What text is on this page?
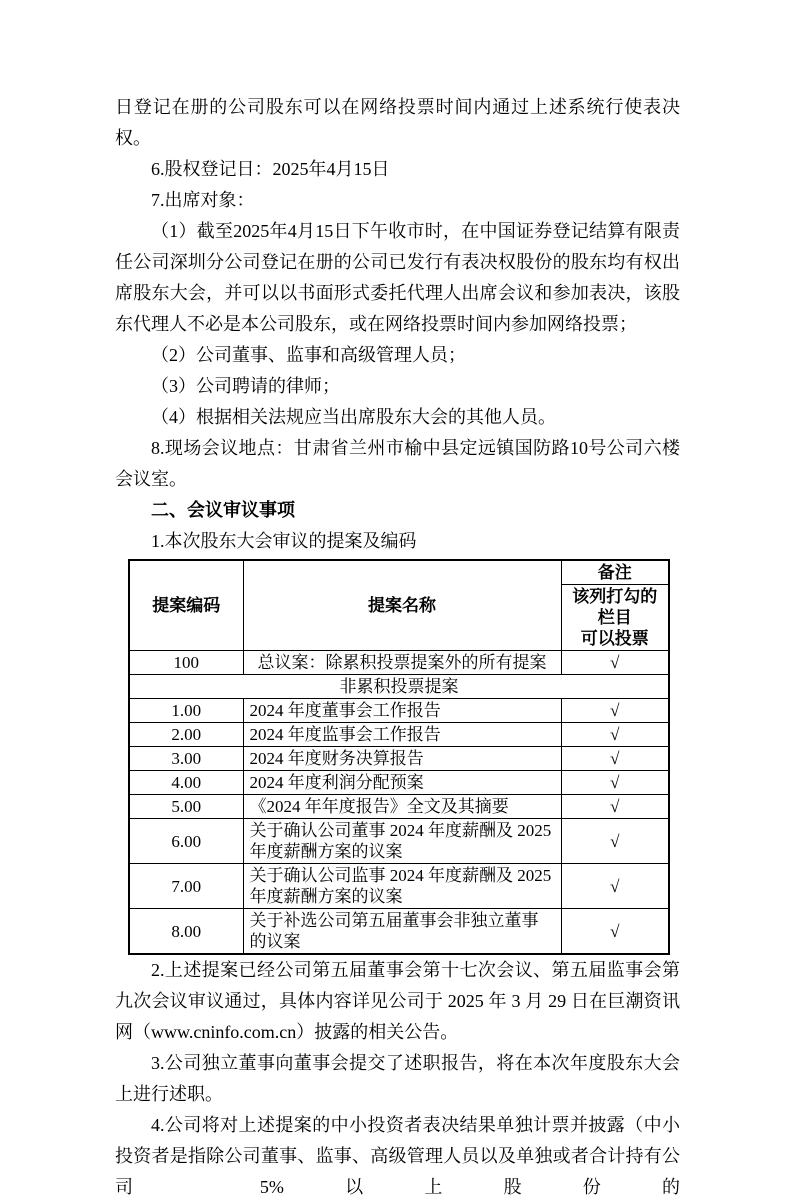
日登记在册的公司股东可以在网络投票时间内通过上述系统行使表决权。

6.股权登记日：2025年4月15日

7.出席对象：

（1）截至2025年4月15日下午收市时，在中国证券登记结算有限责任公司深圳分公司登记在册的公司已发行有表决权股份的股东均有权出席股东大会，并可以以书面形式委托代理人出席会议和参加表决，该股东代理人不必是本公司股东，或在网络投票时间内参加网络投票；

（2）公司董事、监事和高级管理人员；

（3）公司聘请的律师；

（4）根据相关法规应当出席股东大会的其他人员。

8.现场会议地点：甘肃省兰州市榆中县定远镇国防路10号公司六楼会议室。

二、会议审议事项

1.本次股东大会审议的提案及编码

提案编码	提案名称	备注

		该列打勾的栏目
可以投票

100	总议案：除累积投票提案外的所有提案	√
非累积投票提案		
1.00	2024 年度董事会工作报告	√
2.00	2024 年度监事会工作报告	√
3.00	2024 年度财务决算报告	√
4.00	2024 年度利润分配预案	√
5.00	《2024 年年度报告》全文及其摘要	√
6.00	关于确认公司董事 2024 年度薪酬及 2025 年度薪酬方案的议案	√
7.00	关于确认公司监事 2024 年度薪酬及 2025 年度薪酬方案的议案	√
8.00	关于补选公司第五届董事会非独立董事的议案	√

2.上述提案已经公司第五届董事会第十七次会议、第五届监事会第九次会议审议通过，具体内容详见公司于 2025 年 3 月 29 日在巨潮资讯网（www.cninfo.com.cn）披露的相关公告。

3.公司独立董事向董事会提交了述职报告，将在本次年度股东大会上进行述职。

4.公司将对上述提案的中小投资者表决结果单独计票并披露（中小投资者是指除公司董事、监事、高级管理人员以及单独或者合计持有公司 5%以上股份的
